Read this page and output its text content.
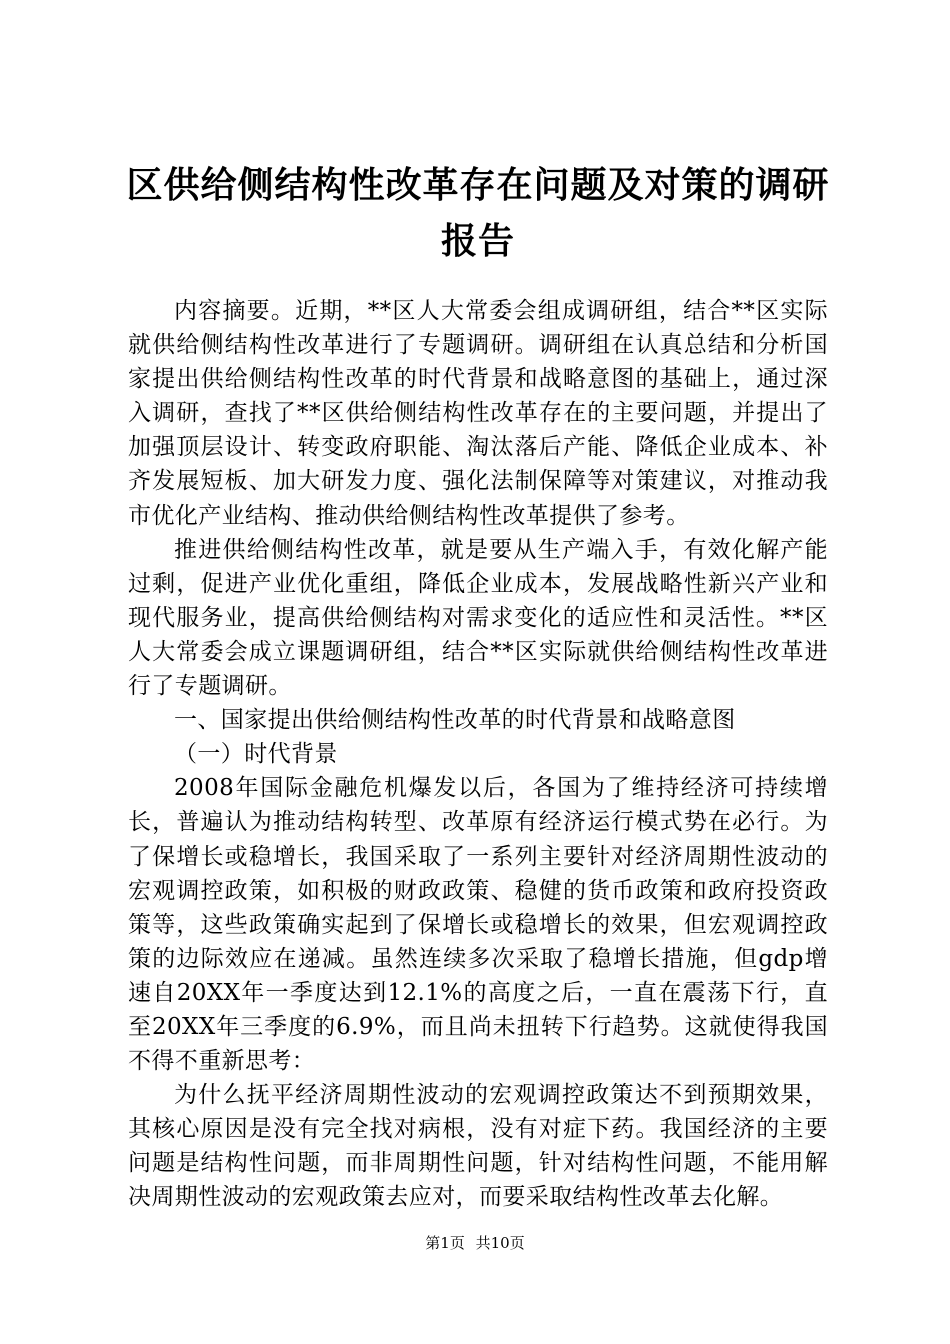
区供给侧结构性改革存在问题及对策的调研报告

内容摘要。近期，**区人大常委会组成调研组，结合**区实际就供给侧结构性改革进行了专题调研。调研组在认真总结和分析国家提出供给侧结构性改革的时代背景和战略意图的基础上，通过深入调研，查找了**区供给侧结构性改革存在的主要问题，并提出了加强顶层设计、转变政府职能、淘汰落后产能、降低企业成本、补齐发展短板、加大研发力度、强化法制保障等对策建议，对推动我市优化产业结构、推动供给侧结构性改革提供了参考。

推进供给侧结构性改革，就是要从生产端入手，有效化解产能过剩，促进产业优化重组，降低企业成本，发展战略性新兴产业和现代服务业，提高供给侧结构对需求变化的适应性和灵活性。**区人大常委会成立课题调研组，结合**区实际就供给侧结构性改革进行了专题调研。

一、国家提出供给侧结构性改革的时代背景和战略意图

（一）时代背景

2008年国际金融危机爆发以后，各国为了维持经济可持续增长，普遍认为推动结构转型、改革原有经济运行模式势在必行。为了保增长或稳增长，我国采取了一系列主要针对经济周期性波动的宏观调控政策，如积极的财政政策、稳健的货币政策和政府投资政策等，这些政策确实起到了保增长或稳增长的效果，但宏观调控政策的边际效应在递减。虽然连续多次采取了稳增长措施，但gdp增速自20XX年一季度达到12.1%的高度之后，一直在震荡下行，直至20XX年三季度的6.9%，而且尚未扭转下行趋势。这就使得我国不得不重新思考：

为什么抚平经济周期性波动的宏观调控政策达不到预期效果，其核心原因是没有完全找对病根，没有对症下药。我国经济的主要问题是结构性问题，而非周期性问题，针对结构性问题，不能用解决周期性波动的宏观政策去应对，而要采取结构性改革去化解。

第1页 共10页
